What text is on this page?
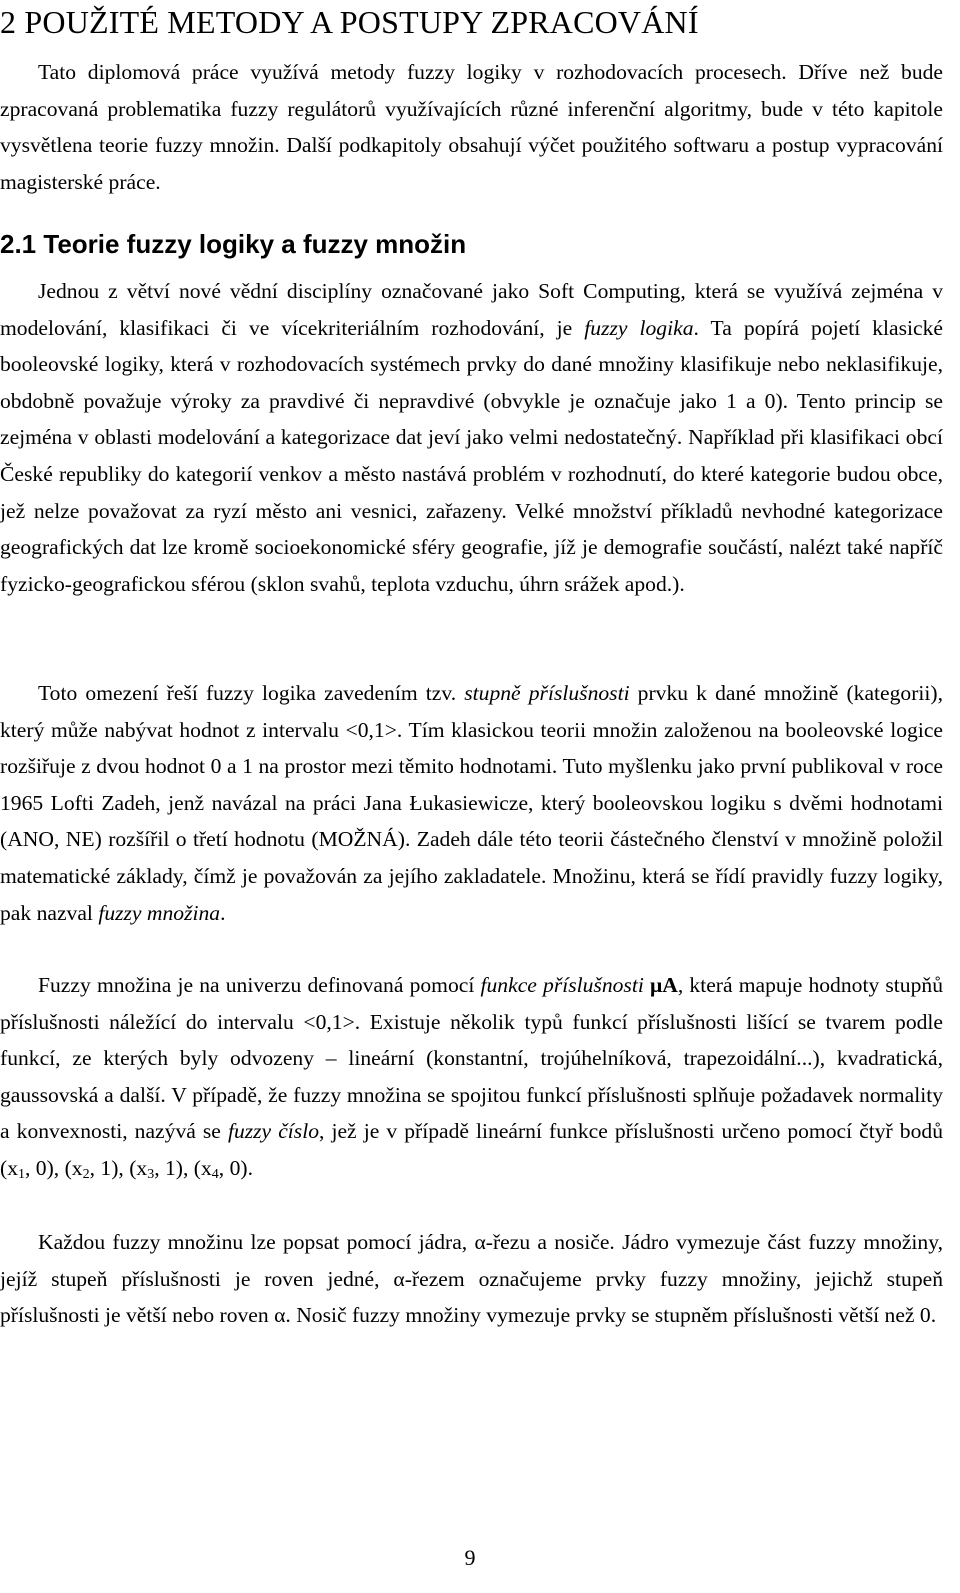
2 POUŽITÉ METODY A POSTUPY ZPRACOVÁNÍ

Tato diplomová práce využívá metody fuzzy logiky v rozhodovacích procesech. Dříve než bude zpracovaná problematika fuzzy regulátorů využívajících různé inferenční algoritmy, bude v této kapitole vysvětlena teorie fuzzy množin. Další podkapitoly obsahují výčet použitého softwaru a postup vypracování magisterské práce.

2.1 Teorie fuzzy logiky a fuzzy množin

Jednou z větví nové vědní disciplíny označované jako Soft Computing, která se využívá zejména v modelování, klasifikaci či ve vícekriteriálním rozhodování, je fuzzy logika. Ta popírá pojetí klasické booleovské logiky, která v rozhodovacích systémech prvky do dané množiny klasifikuje nebo neklasifikuje, obdobně považuje výroky za pravdivé či nepravdivé (obvykle je označuje jako 1 a 0). Tento princip se zejména v oblasti modelování a kategorizace dat jeví jako velmi nedostatečný. Například při klasifikaci obcí České republiky do kategorií venkov a město nastává problém v rozhodnutí, do které kategorie budou obce, jež nelze považovat za ryzí město ani vesnici, zařazeny. Velké množství příkladů nevhodné kategorizace geografických dat lze kromě socioekonomické sféry geografie, jíž je demografie součástí, nalézt také napříč fyzicko-geografickou sférou (sklon svahů, teplota vzduchu, úhrn srážek apod.).

Toto omezení řeší fuzzy logika zavedením tzv. stupně příslušnosti prvku k dané množině (kategorii), který může nabývat hodnot z intervalu <0,1>. Tím klasickou teorii množin založenou na booleovské logice rozšiřuje z dvou hodnot 0 a 1 na prostor mezi těmito hodnotami. Tuto myšlenku jako první publikoval v roce 1965 Lofti Zadeh, jenž navázal na práci Jana Łukasiewicze, který booleovskou logiku s dvěmi hodnotami (ANO, NE) rozšířil o třetí hodnotu (MOŽNÁ). Zadeh dále této teorii částečného členství v množině položil matematické základy, čímž je považován za jejího zakladatele. Množinu, která se řídí pravidly fuzzy logiky, pak nazval fuzzy množina.

Fuzzy množina je na univerzu definovaná pomocí funkce příslušnosti μA, která mapuje hodnoty stupňů příslušnosti náležící do intervalu <0,1>. Existuje několik typů funkcí příslušnosti lišící se tvarem podle funkcí, ze kterých byly odvozeny – lineární (konstantní, trojúhelníková, trapezoidální...), kvadratická, gaussovská a další. V případě, že fuzzy množina se spojitou funkcí příslušnosti splňuje požadavek normality a konvexnosti, nazývá se fuzzy číslo, jež je v případě lineární funkce příslušnosti určeno pomocí čtyř bodů ($x_1$, 0), ($x_2$, 1), ($x_3$, 1), ($x_4$, 0).

Každou fuzzy množinu lze popsat pomocí jádra, α-řezu a nosiče. Jádro vymezuje část fuzzy množiny, jejíž stupeň příslušnosti je roven jedné, α-řezem označujeme prvky fuzzy množiny, jejichž stupeň příslušnosti je větší nebo roven α. Nosič fuzzy množiny vymezuje prvky se stupněm příslušnosti větší než 0.

9
